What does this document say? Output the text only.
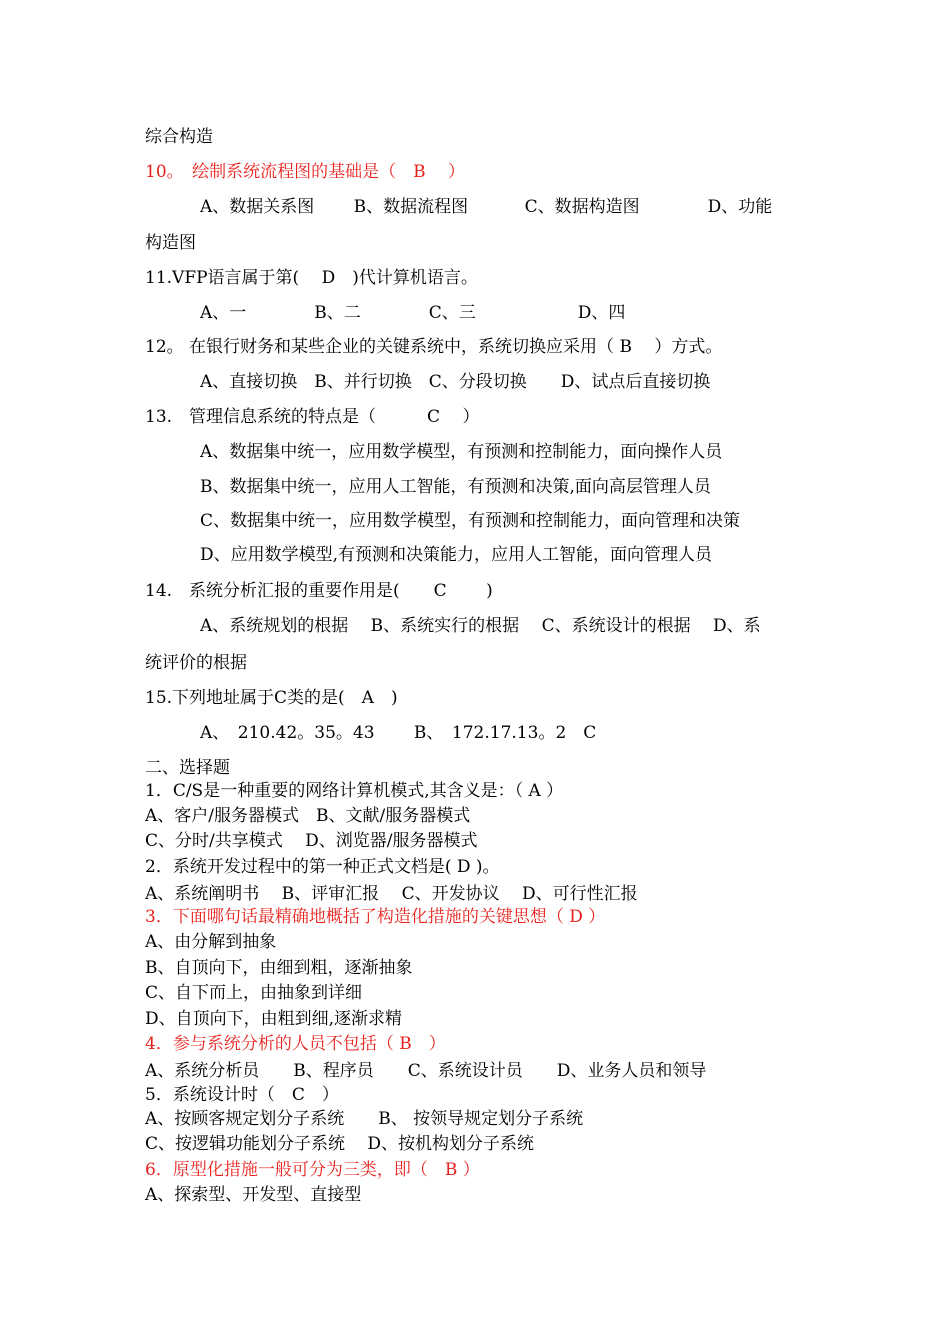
综合构造
10。　绘制系统流程图的基础是（　B　 ）
A、数据关系图　　 B、数据流程图　　　 C、数据构造图　　　　D、功能
构造图
11.VFP语言属于第(　 D　)代计算机语言。
A、一　　　　B、二　　　　C、三　　　　　　D、四
12。 在银行财务和某些企业的关键系统中，系统切换应采用（ B　 ）方式。
A、直接切换　B、并行切换　C、分段切换　　D、试点后直接切换
13.　管理信息系统的特点是（　　　C　 ）
A、数据集中统一，应用数学模型，有预测和控制能力，面向操作人员
B、数据集中统一，应用人工智能，有预测和决策,面向高层管理人员
C、数据集中统一，应用数学模型，有预测和控制能力，面向管理和决策
D、应用数学模型,有预测和决策能力，应用人工智能，面向管理人员
14.　系统分析汇报的重要作用是(　　C　　 )
A、系统规划的根据　 B、系统实行的根据　 C、系统设计的根据　 D、系
统评价的根据
15.下列地址属于C类的是(　A　)
A、　210.42。35。43　　 B、　172.17.13。2　C
二、选择题
1．C/S是一种重要的网络计算机模式,其含义是：（ A ）
A、客户/服务器模式　B、文献/服务器模式
C、分时/共享模式　 D、浏览器/服务器模式
2．系统开发过程中的第一种正式文档是( D )。
A、系统阐明书　 B、评审汇报　 C、开发协议　 D、可行性汇报
3．下面哪句话最精确地概括了构造化措施的关键思想（ D ）
A、由分解到抽象
B、自顶向下，由细到粗，逐渐抽象
C、自下而上，由抽象到详细
D、自顶向下，由粗到细,逐渐求精
4．参与系统分析的人员不包括（ B　）
A、系统分析员　　B、程序员　　C、系统设计员　　D、业务人员和领导
5．系统设计时（　C　）
A、按顾客规定划分子系统　　B、 按领导规定划分子系统
C、按逻辑功能划分子系统　 D、按机构划分子系统
6．原型化措施一般可分为三类，即（　B ）
A、探索型、开发型、直接型
